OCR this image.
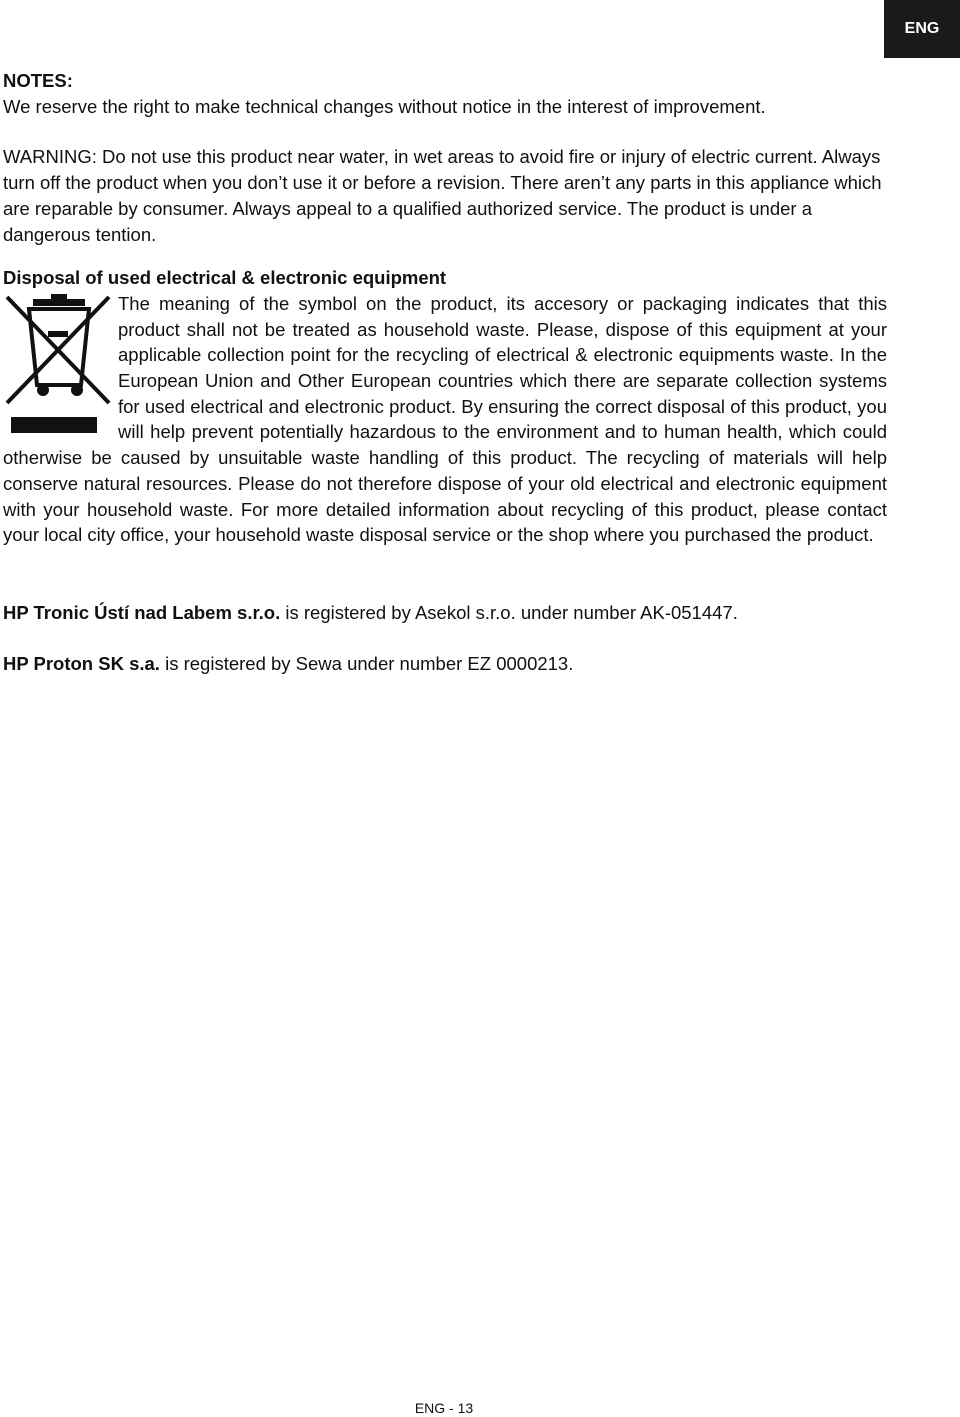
ENG

NOTES:

We reserve the right to make technical changes without notice in the interest of improvement.

WARNING: Do not use this product near water, in wet areas to avoid fire or injury of electric current. Always turn off the product when you don’t use it or before a revision. There aren’t any parts in this appliance which are reparable by consumer. Always appeal to a qualified authorized service. The product is under a dangerous tention.

Disposal of used electrical & electronic equipment

The meaning of the symbol on the product, its accesory or packaging indicates that this product shall not be treated as household waste. Please, dispose of this equipment at your applicable collection point for the recycling of electrical & electronic equipments waste. In the European Union and Other European countries which there are separate collection systems for used electrical and electronic product. By ensuring the correct disposal of this product, you will help prevent potentially hazardous to the environment and to human health, which could otherwise be caused by unsuitable waste handling of this product. The recycling of materials will help conserve natural resources. Please do not therefore dispose of your old electrical and electronic equipment with your household waste. For more detailed information about recycling of this product, please contact your local city office, your household waste disposal service or the shop where you purchased the product.

HP Tronic Ústí nad Labem s.r.o. is registered by Asekol s.r.o. under number AK-051447.

HP Proton SK s.a. is registered by Sewa under number EZ 0000213.

ENG - 13
